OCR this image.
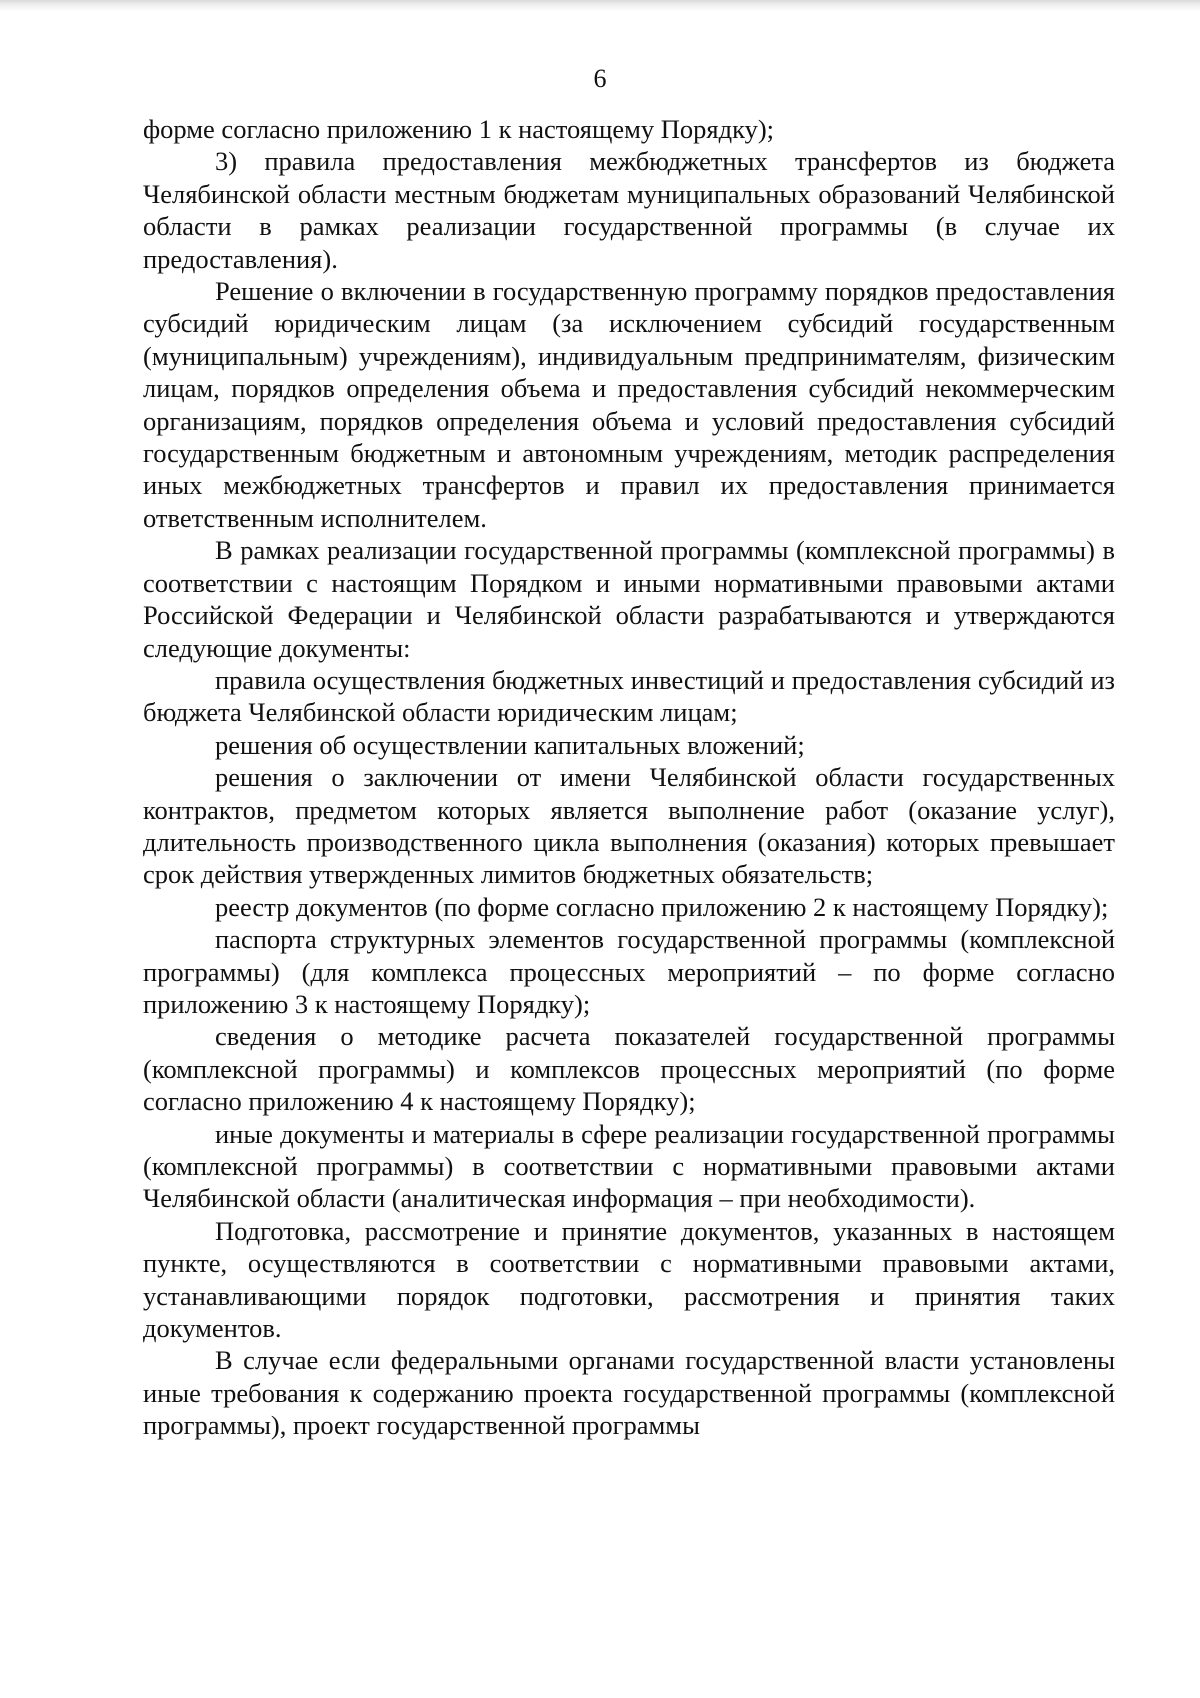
6

форме согласно приложению 1 к настоящему Порядку);

3) правила предоставления межбюджетных трансфертов из бюджета Челябинской области местным бюджетам муниципальных образований Челябинской области в рамках реализации государственной программы (в случае их предоставления).

Решение о включении в государственную программу порядков предоставления субсидий юридическим лицам (за исключением субсидий государственным (муниципальным) учреждениям), индивидуальным предпринимателям, физическим лицам, порядков определения объема и предоставления субсидий некоммерческим организациям, порядков определения объема и условий предоставления субсидий государственным бюджетным и автономным учреждениям, методик распределения иных межбюджетных трансфертов и правил их предоставления принимается ответственным исполнителем.

В рамках реализации государственной программы (комплексной программы) в соответствии с настоящим Порядком и иными нормативными правовыми актами Российской Федерации и Челябинской области разрабатываются и утверждаются следующие документы:

правила осуществления бюджетных инвестиций и предоставления субсидий из бюджета Челябинской области юридическим лицам;

решения об осуществлении капитальных вложений;

решения о заключении от имени Челябинской области государственных контрактов, предметом которых является выполнение работ (оказание услуг), длительность производственного цикла выполнения (оказания) которых превышает срок действия утвержденных лимитов бюджетных обязательств;

реестр документов (по форме согласно приложению 2 к настоящему Порядку);

паспорта структурных элементов государственной программы (комплексной программы) (для комплекса процессных мероприятий – по форме согласно приложению 3 к настоящему Порядку);

сведения о методике расчета показателей государственной программы (комплексной программы) и комплексов процессных мероприятий (по форме согласно приложению 4 к настоящему Порядку);

иные документы и материалы в сфере реализации государственной программы (комплексной программы) в соответствии с нормативными правовыми актами Челябинской области (аналитическая информация – при необходимости).

Подготовка, рассмотрение и принятие документов, указанных в настоящем пункте, осуществляются в соответствии с нормативными правовыми актами, устанавливающими порядок подготовки, рассмотрения и принятия таких документов.

В случае если федеральными органами государственной власти установлены иные требования к содержанию проекта государственной программы (комплексной программы), проект государственной программы
